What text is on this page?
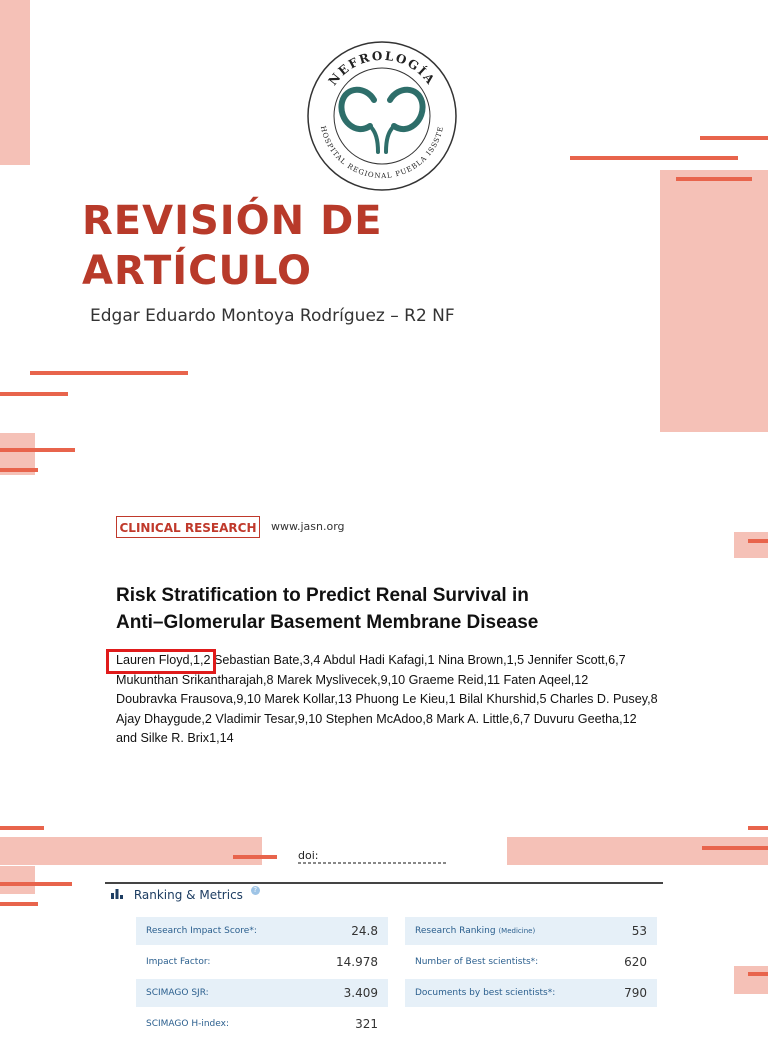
NEFROLOGÍA
HOSPITAL REGIONAL PUEBLA ISSSTE
REVISIÓN DE
ARTÍCULO
Edgar Eduardo Montoya Rodríguez – R2 NF
CLINICAL RESEARCH	www.jasn.org
Risk Stratification to Predict Renal Survival in
Anti–Glomerular Basement Membrane Disease
Lauren Floyd,1,2 Sebastian Bate,3,4 Abdul Hadi Kafagi,1 Nina Brown,1,5 Jennifer Scott,6,7
Mukunthan Srikantharajah,8 Marek Myslivecek,9,10 Graeme Reid,11 Faten Aqeel,12
Doubravka Frausova,9,10 Marek Kollar,13 Phuong Le Kieu,1 Bilal Khurshid,5 Charles D. Pusey,8
Ajay Dhaygude,2 Vladimir Tesar,9,10 Stephen McAdoo,8 Mark A. Little,6,7 Duvuru Geetha,12
and Silke R. Brix1,14
doi:
Ranking & Metrics ?
Research Impact Score*:	24.8
Impact Factor:	14.978
SCIMAGO SJR:	3.409
SCIMAGO H-index:	321
Research Ranking (Medicine)	53
Number of Best scientists*:	620
Documents by best scientists*:	790
